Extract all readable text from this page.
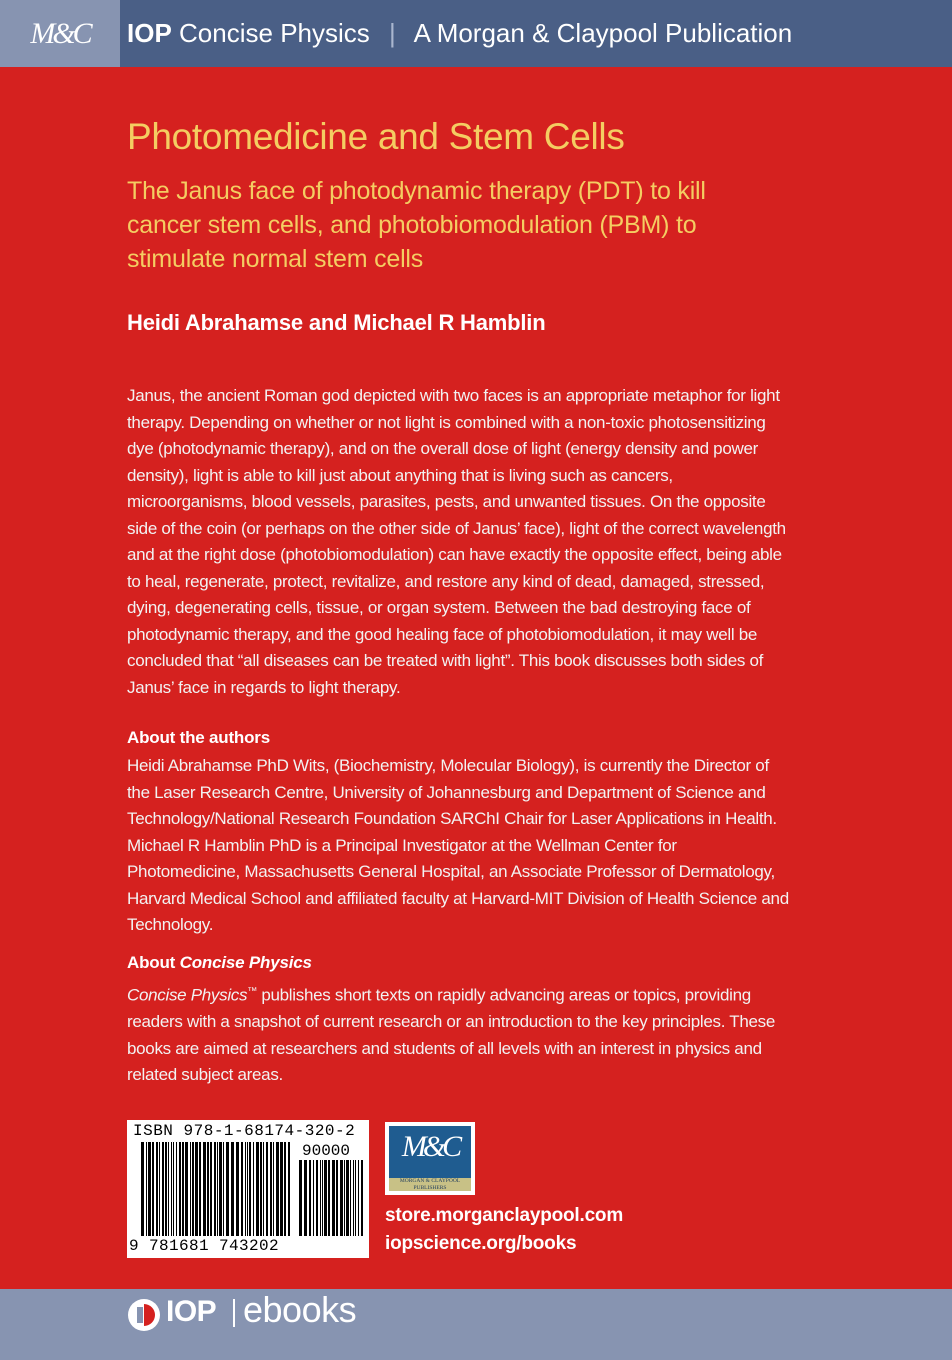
M&C IOP Concise Physics | A Morgan & Claypool Publication
Photomedicine and Stem Cells
The Janus face of photodynamic therapy (PDT) to kill cancer stem cells, and photobiomodulation (PBM) to stimulate normal stem cells
Heidi Abrahamse and Michael R Hamblin
Janus, the ancient Roman god depicted with two faces is an appropriate metaphor for light therapy. Depending on whether or not light is combined with a non-toxic photosensitizing dye (photodynamic therapy), and on the overall dose of light (energy density and power density), light is able to kill just about anything that is living such as cancers, microorganisms, blood vessels, parasites, pests, and unwanted tissues. On the opposite side of the coin (or perhaps on the other side of Janus’ face), light of the correct wavelength and at the right dose (photobiomodulation) can have exactly the opposite effect, being able to heal, regenerate, protect, revitalize, and restore any kind of dead, damaged, stressed, dying, degenerating cells, tissue, or organ system. Between the bad destroying face of photodynamic therapy, and the good healing face of photobiomodulation, it may well be concluded that “all diseases can be treated with light”. This book discusses both sides of Janus’ face in regards to light therapy.
About the authors
Heidi Abrahamse PhD Wits, (Biochemistry, Molecular Biology), is currently the Director of the Laser Research Centre, University of Johannesburg and Department of Science and Technology/National Research Foundation SARChI Chair for Laser Applications in Health. Michael R Hamblin PhD is a Principal Investigator at the Wellman Center for Photomedicine, Massachusetts General Hospital, an Associate Professor of Dermatology, Harvard Medical School and affiliated faculty at Harvard-MIT Division of Health Science and Technology.
About Concise Physics
Concise Physics™ publishes short texts on rapidly advancing areas or topics, providing readers with a snapshot of current research or an introduction to the key principles. These books are aimed at researchers and students of all levels with an interest in physics and related subject areas.
ISBN 978-1-68174-320-2
90000
9 781681 743202
M&C
MORGAN & CLAYPOOL
PUBLISHERS
store.morganclaypool.com
iopscience.org/books
IOP ebooks
